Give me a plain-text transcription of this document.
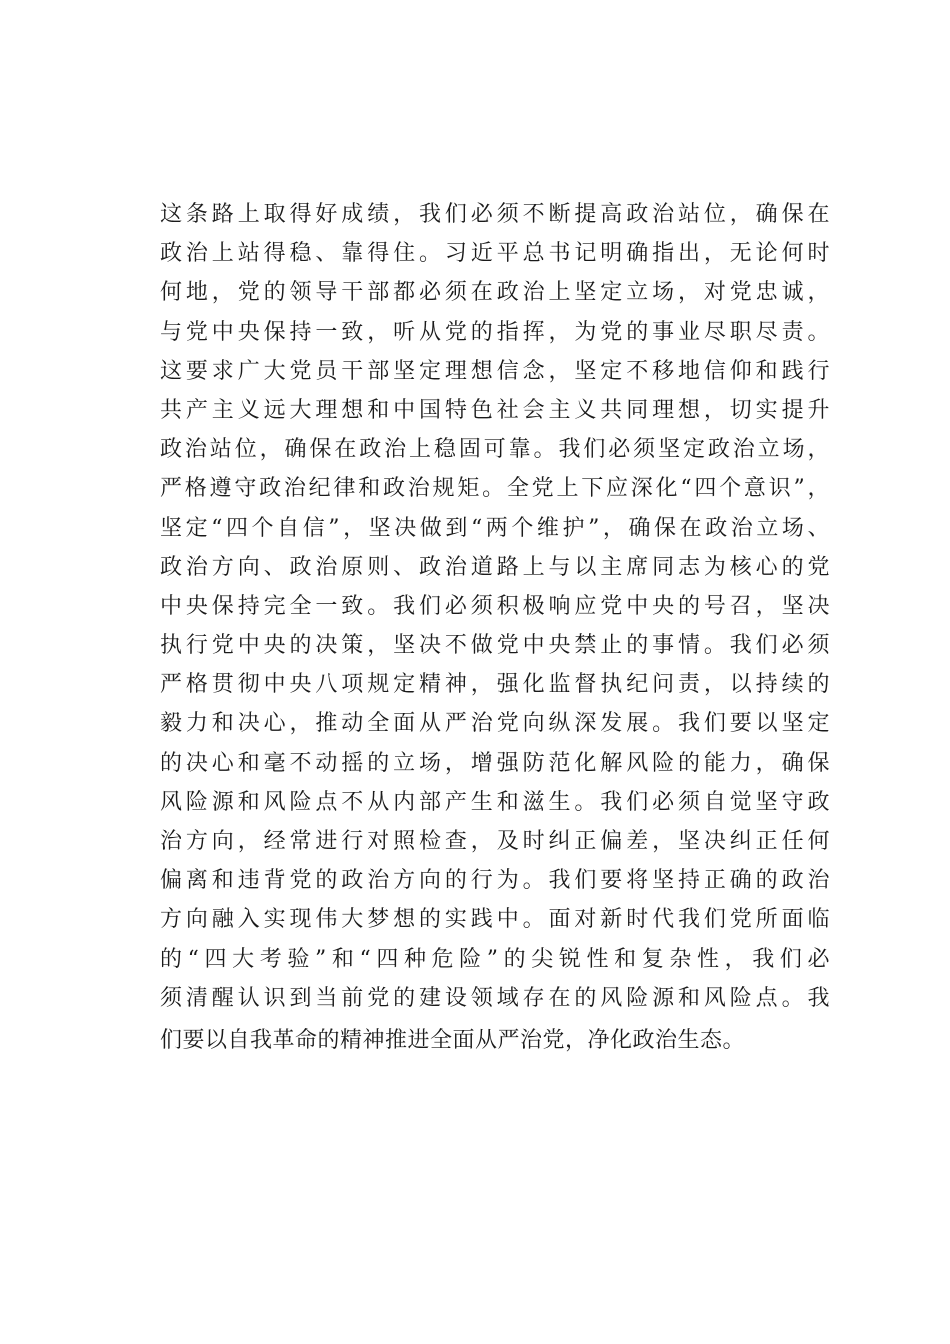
这条路上取得好成绩，我们必须不断提高政治站位，确保在
政治上站得稳、靠得住。习近平总书记明确指出，无论何时
何地，党的领导干部都必须在政治上坚定立场，对党忠诚，
与党中央保持一致，听从党的指挥，为党的事业尽职尽责。
这要求广大党员干部坚定理想信念，坚定不移地信仰和践行
共产主义远大理想和中国特色社会主义共同理想，切实提升
政治站位，确保在政治上稳固可靠。我们必须坚定政治立场，
严格遵守政治纪律和政治规矩。全党上下应深化“四个意识”，
坚定“四个自信”，坚决做到“两个维护”，确保在政治立场、
政治方向、政治原则、政治道路上与以主席同志为核心的党
中央保持完全一致。我们必须积极响应党中央的号召，坚决
执行党中央的决策，坚决不做党中央禁止的事情。我们必须
严格贯彻中央八项规定精神，强化监督执纪问责，以持续的
毅力和决心，推动全面从严治党向纵深发展。我们要以坚定
的决心和毫不动摇的立场，增强防范化解风险的能力，确保
风险源和风险点不从内部产生和滋生。我们必须自觉坚守政
治方向，经常进行对照检查，及时纠正偏差，坚决纠正任何
偏离和违背党的政治方向的行为。我们要将坚持正确的政治
方向融入实现伟大梦想的实践中。面对新时代我们党所面临
的“四大考验”和“四种危险”的尖锐性和复杂性，我们必
须清醒认识到当前党的建设领域存在的风险源和风险点。我
们要以自我革命的精神推进全面从严治党，净化政治生态。
